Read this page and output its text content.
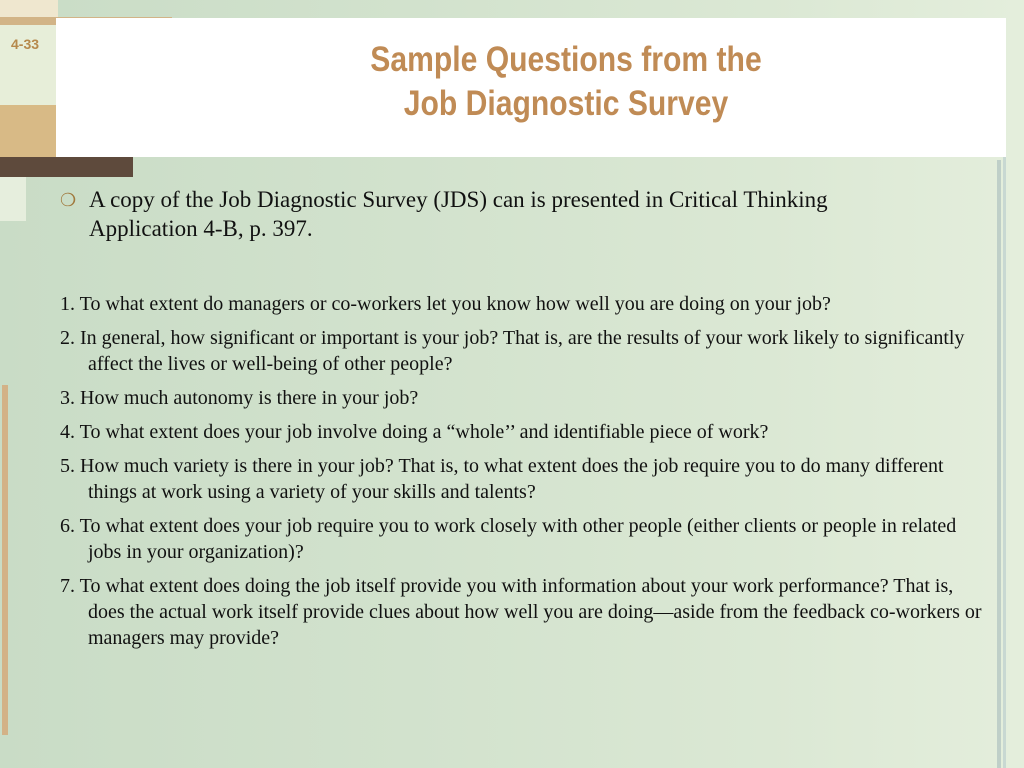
4-33	Sample Questions from the
Job Diagnostic Survey
❍ A copy of the Job Diagnostic Survey (JDS) can is presented in Critical Thinking Application 4-B, p. 397.
1. To what extent do managers or co-workers let you know how well you are doing on your job?
2. In general, how significant or important is your job? That is, are the results of your work likely to significantly affect the lives or well-being of other people?
3. How much autonomy is there in your job?
4. To what extent does your job involve doing a “whole’’ and identifiable piece of work?
5. How much variety is there in your job? That is, to what extent does the job require you to do many different things at work using a variety of your skills and talents?
6. To what extent does your job require you to work closely with other people (either clients or people in related jobs in your organization)?
7. To what extent does doing the job itself provide you with information about your work performance? That is, does the actual work itself provide clues about how well you are doing—aside from the feedback co-workers or managers may provide?
